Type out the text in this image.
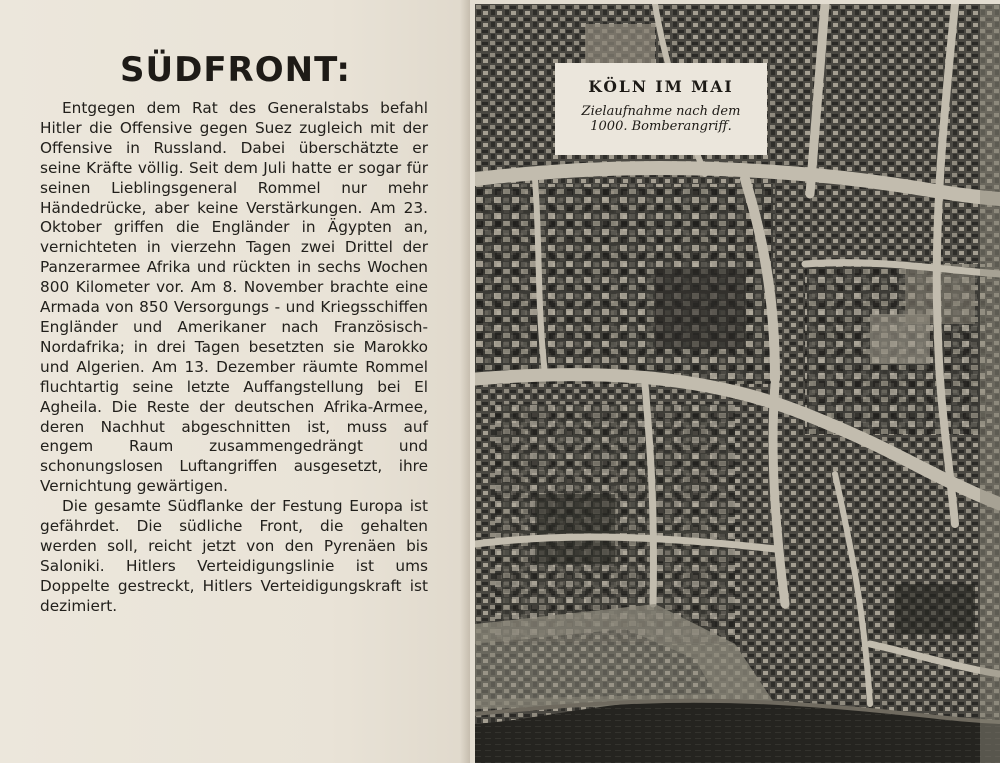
SÜDFRONT:

Entgegen dem Rat des Generalstabs befahl Hitler die Offensive gegen Suez zugleich mit der Offensive in Russland. Dabei überschätzte er seine Kräfte völlig. Seit dem Juli hatte er sogar für seinen Lieblingsgeneral Rommel nur mehr Händedrücke, aber keine Verstärkungen. Am 23. Oktober griffen die Engländer in Ägypten an, vernichteten in vierzehn Tagen zwei Drittel der Panzerarmee Afrika und rückten in sechs Wochen 800 Kilometer vor. Am 8. November brachte eine Armada von 850 Versorgungs - und Kriegsschiffen Engländer und Amerikaner nach Französisch-Nordafrika; in drei Tagen besetzten sie Marokko und Algerien. Am 13. Dezember räumte Rommel fluchtartig seine letzte Auffangstellung bei El Agheila. Die Reste der deutschen Afrika-Armee, deren Nachhut abgeschnitten ist, muss auf engem Raum zusammengedrängt und schonungslosen Luftangriffen ausgesetzt, ihre Vernichtung gewärtigen.

Die gesamte Südflanke der Festung Europa ist gefährdet. Die südliche Front, die gehalten werden soll, reicht jetzt von den Pyrenäen bis Saloniki. Hitlers Verteidigungslinie ist ums Doppelte gestreckt, Hitlers Verteidigungskraft ist dezimiert.

KÖLN IM MAI

Zielaufnahme nach dem

1000. Bomberangriff.
